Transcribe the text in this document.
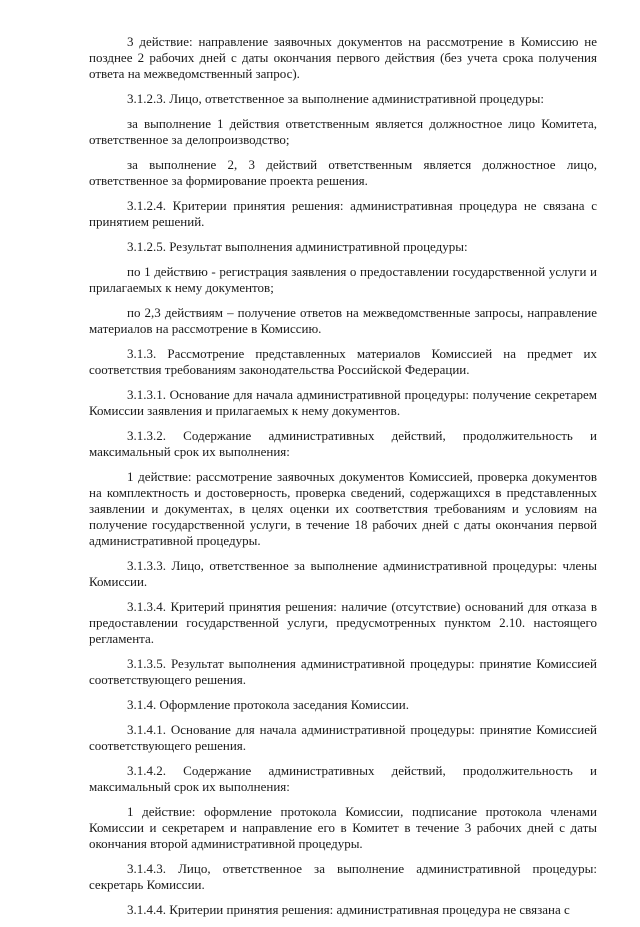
3 действие: направление заявочных документов на рассмотрение в Комиссию не позднее 2 рабочих дней с даты окончания первого действия (без учета срока получения ответа на межведомственный запрос).

3.1.2.3. Лицо, ответственное за выполнение административной процедуры:

за выполнение 1 действия ответственным является должностное лицо Комитета, ответственное за делопроизводство;

за выполнение 2, 3 действий ответственным является должностное лицо, ответственное за формирование проекта решения.

3.1.2.4. Критерии принятия решения: административная процедура не связана с принятием решений.

3.1.2.5. Результат выполнения административной процедуры:

по 1 действию - регистрация заявления о предоставлении государственной услуги и прилагаемых к нему документов;

по 2,3 действиям – получение ответов на межведомственные запросы, направление материалов на рассмотрение в Комиссию.

3.1.3. Рассмотрение представленных материалов Комиссией на предмет их соответствия требованиям законодательства Российской Федерации.

3.1.3.1. Основание для начала административной процедуры: получение секретарем Комиссии заявления и прилагаемых к нему документов.

3.1.3.2. Содержание административных действий, продолжительность и максимальный срок их выполнения:

1 действие: рассмотрение заявочных документов Комиссией, проверка документов на комплектность и достоверность, проверка сведений, содержащихся в представленных заявлении и документах, в целях оценки их соответствия требованиям и условиям на получение государственной услуги, в течение 18 рабочих дней с даты окончания первой административной процедуры.

3.1.3.3. Лицо, ответственное за выполнение административной процедуры: члены Комиссии.

3.1.3.4. Критерий принятия решения: наличие (отсутствие) оснований для отказа в предоставлении государственной услуги, предусмотренных пунктом 2.10. настоящего регламента.

3.1.3.5. Результат выполнения административной процедуры: принятие Комиссией соответствующего решения.

3.1.4. Оформление протокола заседания Комиссии.

3.1.4.1. Основание для начала административной процедуры: принятие Комиссией соответствующего решения.

3.1.4.2. Содержание административных действий, продолжительность и максимальный срок их выполнения:

1 действие: оформление протокола Комиссии, подписание протокола членами Комиссии и секретарем и направление его в Комитет в течение 3 рабочих дней с даты окончания второй административной процедуры.

3.1.4.3. Лицо, ответственное за выполнение административной процедуры: секретарь Комиссии.

3.1.4.4. Критерии принятия решения: административная процедура не связана с
